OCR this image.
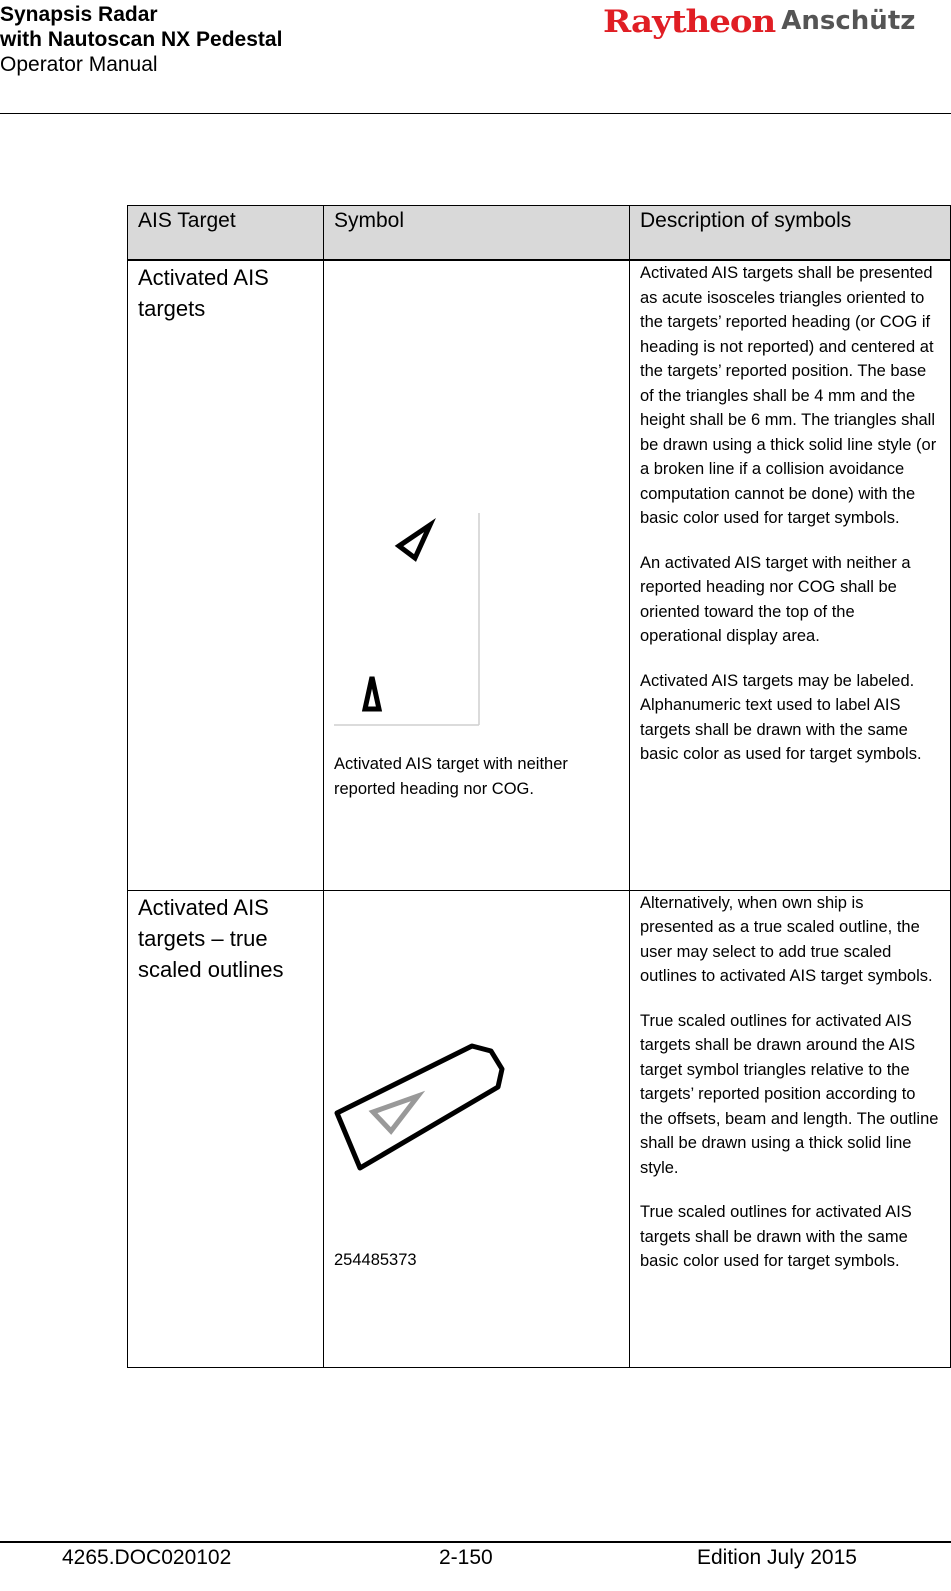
Synapsis Radar
with Nautoscan NX Pedestal
Operator Manual
Raytheon Anschütz
AIS Target	Symbol	Description of symbols
Activated AIS targets	Activated AIS target with neither reported heading nor COG.	Activated AIS targets shall be presented as acute isosceles triangles oriented to the targets’ reported heading (or COG if heading is not reported) and centered at the targets’ reported position. The base of the triangles shall be 4 mm and the height shall be 6 mm. The triangles shall be drawn using a thick solid line style (or a broken line if a collision avoidance computation cannot be done) with the basic color used for target symbols.

An activated AIS target with neither a reported heading nor COG shall be oriented toward the top of the operational display area.

Activated AIS targets may be labeled. Alphanumeric text used to label AIS targets shall be drawn with the same basic color as used for target symbols.

Activated AIS targets – true scaled outlines	254485373	Alternatively, when own ship is presented as a true scaled outline, the user may select to add true scaled outlines to activated AIS target symbols.

True scaled outlines for activated AIS targets shall be drawn around the AIS target symbol triangles relative to the targets’ reported position according to the offsets, beam and length. The outline shall be drawn using a thick solid line style.

True scaled outlines for activated AIS targets shall be drawn with the same basic color used for target symbols.

4265.DOC020102	2-150	Edition July 2015
